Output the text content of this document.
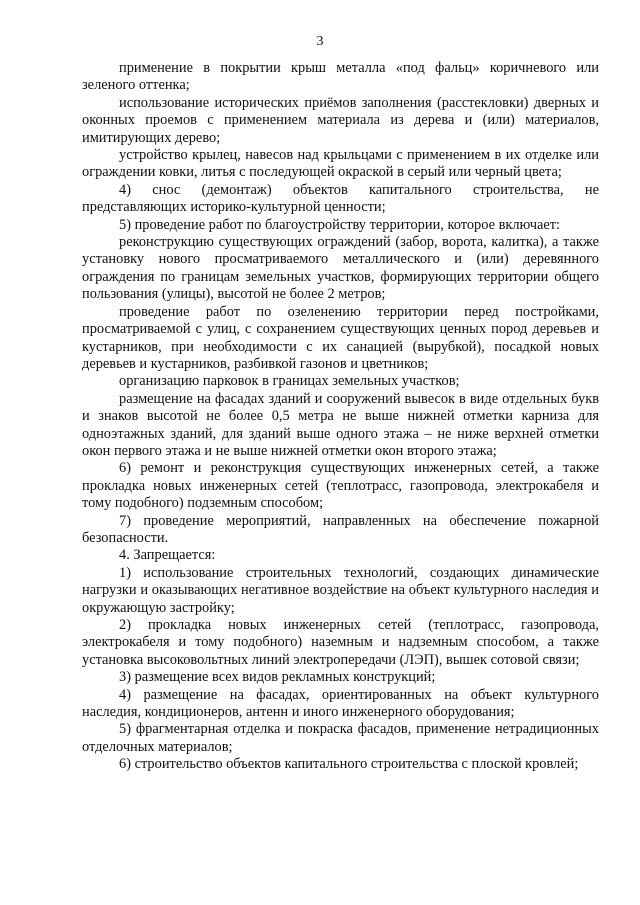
3

применение в покрытии крыш металла «под фальц» коричневого или зеленого оттенка;

использование исторических приёмов заполнения (расстекловки) дверных и оконных проемов с применением материала из дерева и (или) материалов, имитирующих дерево;

устройство крылец, навесов над крыльцами с применением в их отделке или ограждении ковки, литья с последующей окраской в серый или черный цвета;

4) снос (демонтаж) объектов капитального строительства, не представляющих историко-культурной ценности;

5) проведение работ по благоустройству территории, которое включает:

реконструкцию существующих ограждений (забор, ворота, калитка), а также установку нового просматриваемого металлического и (или) деревянного ограждения по границам земельных участков, формирующих территории общего пользования (улицы), высотой не более 2 метров;

проведение работ по озеленению территории перед постройками, просматриваемой с улиц, с сохранением существующих ценных пород деревьев и кустарников, при необходимости с их санацией (вырубкой), посадкой новых деревьев и кустарников, разбивкой газонов и цветников;

организацию парковок в границах земельных участков;

размещение на фасадах зданий и сооружений вывесок в виде отдельных букв и знаков высотой не более 0,5 метра не выше нижней отметки карниза для одноэтажных зданий, для зданий выше одного этажа – не ниже верхней отметки окон первого этажа и не выше нижней отметки окон второго этажа;

6) ремонт и реконструкция существующих инженерных сетей, а также прокладка новых инженерных сетей (теплотрасс, газопровода, электрокабеля и тому подобного) подземным способом;

7) проведение мероприятий, направленных на обеспечение пожарной безопасности.

4. Запрещается:

1) использование строительных технологий, создающих динамические нагрузки и оказывающих негативное воздействие на объект культурного наследия и окружающую застройку;

2) прокладка новых инженерных сетей (теплотрасс, газопровода, электрокабеля и тому подобного) наземным и надземным способом, а также установка высоковольтных линий электропередачи (ЛЭП), вышек сотовой связи;

3) размещение всех видов рекламных конструкций;

4) размещение на фасадах, ориентированных на объект культурного наследия, кондиционеров, антенн и иного инженерного оборудования;

5) фрагментарная отделка и покраска фасадов, применение нетрадиционных отделочных материалов;

6) строительство объектов капитального строительства с плоской кровлей;
